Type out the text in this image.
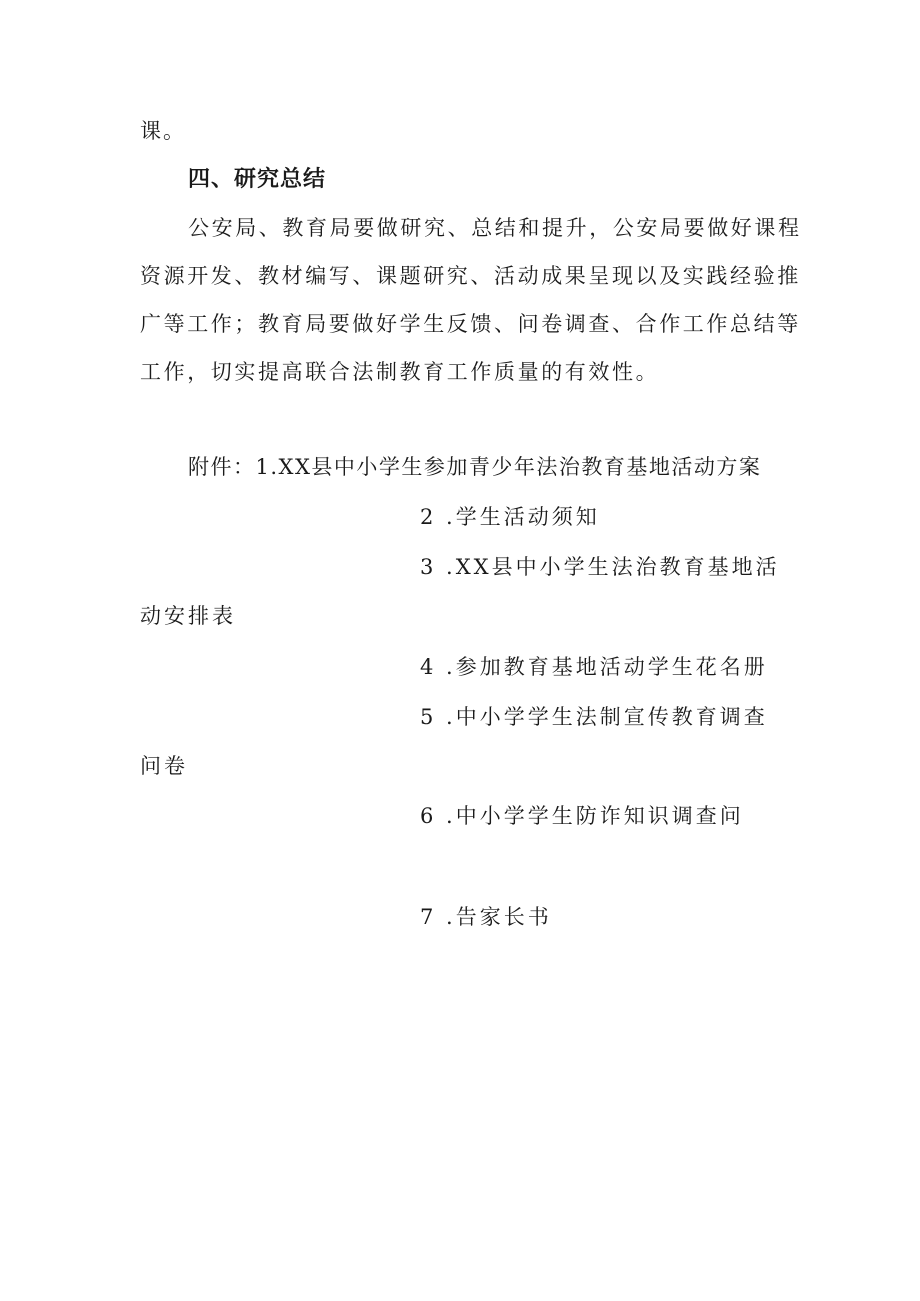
课。
四、研究总结
公安局、教育局要做研究、总结和提升，公安局要做好课程
资源开发、教材编写、课题研究、活动成果呈现以及实践经验推
广等工作；教育局要做好学生反馈、问卷调查、合作工作总结等
工作，切实提高联合法制教育工作质量的有效性。
附件：1.XX县中小学生参加青少年法治教育基地活动方案
2 .学生活动须知
3 .XX县中小学生法治教育基地活
动安排表
4 .参加教育基地活动学生花名册
5 .中小学学生法制宣传教育调查
问卷
6 .中小学学生防诈知识调查问
7 .告家长书
